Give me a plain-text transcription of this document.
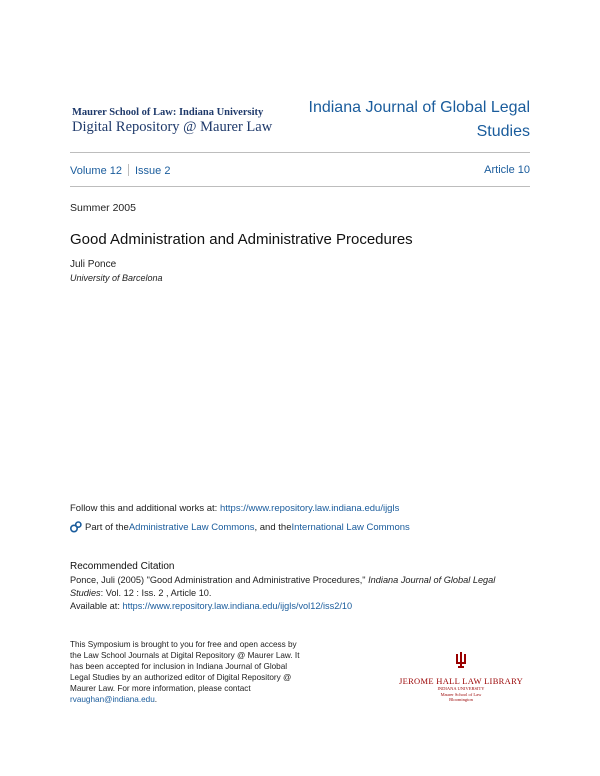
Maurer School of Law: Indiana University
Digital Repository @ Maurer Law
Indiana Journal of Global Legal
Studies
Volume 12 Issue 2	Article 10
Summer 2005
Good Administration and Administrative Procedures
Juli Ponce
University of Barcelona
Follow this and additional works at: https://www.repository.law.indiana.edu/ijgls
Part of the Administrative Law Commons , and the International Law Commons
Recommended Citation
Ponce, Juli (2005) "Good Administration and Administrative Procedures," Indiana Journal of Global Legal
Studies: Vol. 12 : Iss. 2 , Article 10.
Available at: https://www.repository.law.indiana.edu/ijgls/vol12/iss2/10
This Symposium is brought to you for free and open access by the Law School Journals at Digital Repository @ Maurer Law. It has been accepted for inclusion in Indiana Journal of Global Legal Studies by an authorized editor of Digital Repository @ Maurer Law. For more information, please contact rvaughan@indiana.edu.
JEROME HALL LAW LIBRARY
INDIANA UNIVERSITY
Maurer School of Law
Bloomington
